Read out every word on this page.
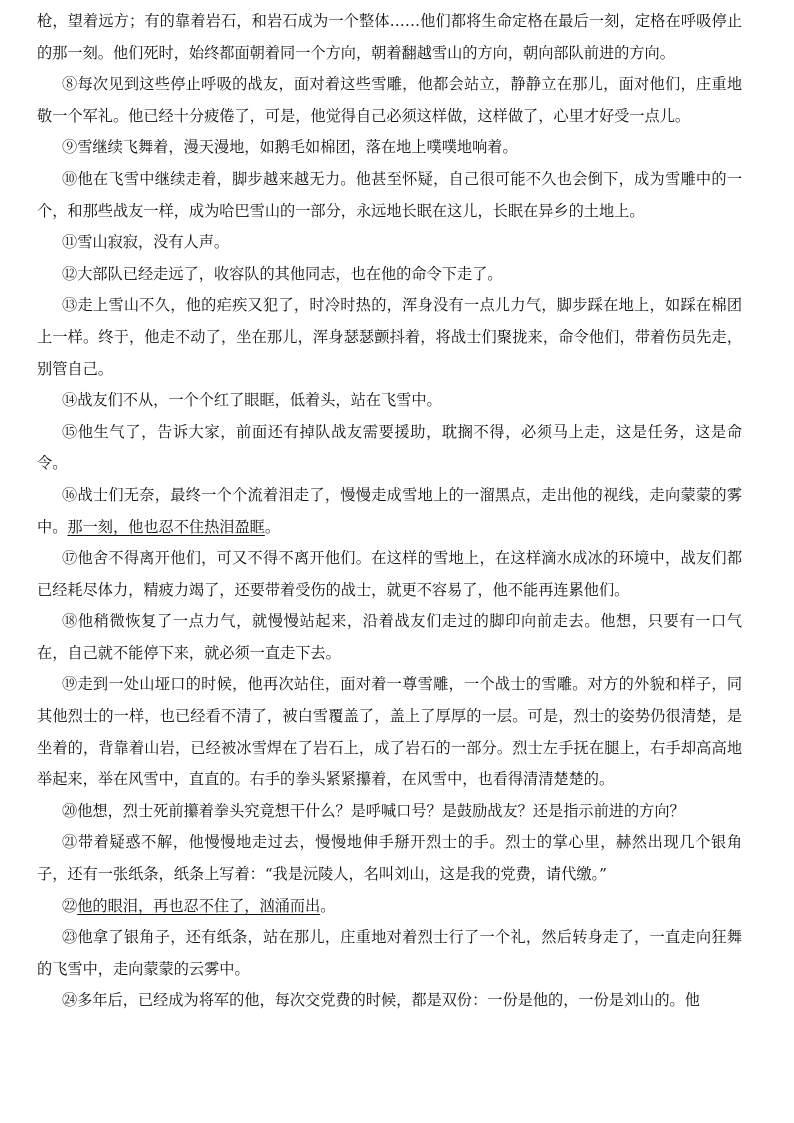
枪，望着远方；有的靠着岩石，和岩石成为一个整体……他们都将生命定格在最后一刻，定格在呼吸停止的那一刻。他们死时，始终都面朝着同一个方向，朝着翻越雪山的方向，朝向部队前进的方向。

⑧每次见到这些停止呼吸的战友，面对着这些雪雕，他都会站立，静静立在那儿，面对他们，庄重地敬一个军礼。他已经十分疲倦了，可是，他觉得自己必须这样做，这样做了，心里才好受一点儿。

⑨雪继续飞舞着，漫天漫地，如鹅毛如棉团，落在地上噗噗地响着。

⑩他在飞雪中继续走着，脚步越来越无力。他甚至怀疑，自己很可能不久也会倒下，成为雪雕中的一个，和那些战友一样，成为哈巴雪山的一部分，永远地长眠在这儿，长眠在异乡的土地上。

⑪雪山寂寂，没有人声。

⑫大部队已经走远了，收容队的其他同志，也在他的命令下走了。

⑬走上雪山不久，他的疟疾又犯了，时冷时热的，浑身没有一点儿力气，脚步踩在地上，如踩在棉团上一样。终于，他走不动了，坐在那儿，浑身瑟瑟颤抖着，将战士们聚拢来，命令他们，带着伤员先走，别管自己。

⑭战友们不从，一个个红了眼眶，低着头，站在飞雪中。

⑮他生气了，告诉大家，前面还有掉队战友需要援助，耽搁不得，必须马上走，这是任务，这是命令。

⑯战士们无奈，最终一个个流着泪走了，慢慢走成雪地上的一溜黑点，走出他的视线，走向蒙蒙的雾中。那一刻，他也忍不住热泪盈眶。

⑰他舍不得离开他们，可又不得不离开他们。在这样的雪地上，在这样滴水成冰的环境中，战友们都已经耗尽体力，精疲力竭了，还要带着受伤的战士，就更不容易了，他不能再连累他们。

⑱他稍微恢复了一点力气，就慢慢站起来，沿着战友们走过的脚印向前走去。他想，只要有一口气在，自己就不能停下来，就必须一直走下去。

⑲走到一处山垭口的时候，他再次站住，面对着一尊雪雕，一个战士的雪雕。对方的外貌和样子，同其他烈士的一样，也已经看不清了，被白雪覆盖了，盖上了厚厚的一层。可是，烈士的姿势仍很清楚，是坐着的，背靠着山岩，已经被冰雪焊在了岩石上，成了岩石的一部分。烈士左手抚在腿上，右手却高高地举起来，举在风雪中，直直的。右手的拳头紧紧攥着，在风雪中，也看得清清楚楚的。

⑳他想，烈士死前攥着拳头究竟想干什么？是呼喊口号？是鼓励战友？还是指示前进的方向？

㉑带着疑惑不解，他慢慢地走过去，慢慢地伸手掰开烈士的手。烈士的掌心里，赫然出现几个银角子，还有一张纸条，纸条上写着：“我是沅陵人，名叫刘山，这是我的党费，请代缴。”

㉒他的眼泪，再也忍不住了，汹涌而出。

㉓他拿了银角子，还有纸条，站在那儿，庄重地对着烈士行了一个礼，然后转身走了，一直走向狂舞的飞雪中，走向蒙蒙的云雾中。

㉔多年后，已经成为将军的他，每次交党费的时候，都是双份：一份是他的，一份是刘山的。他
